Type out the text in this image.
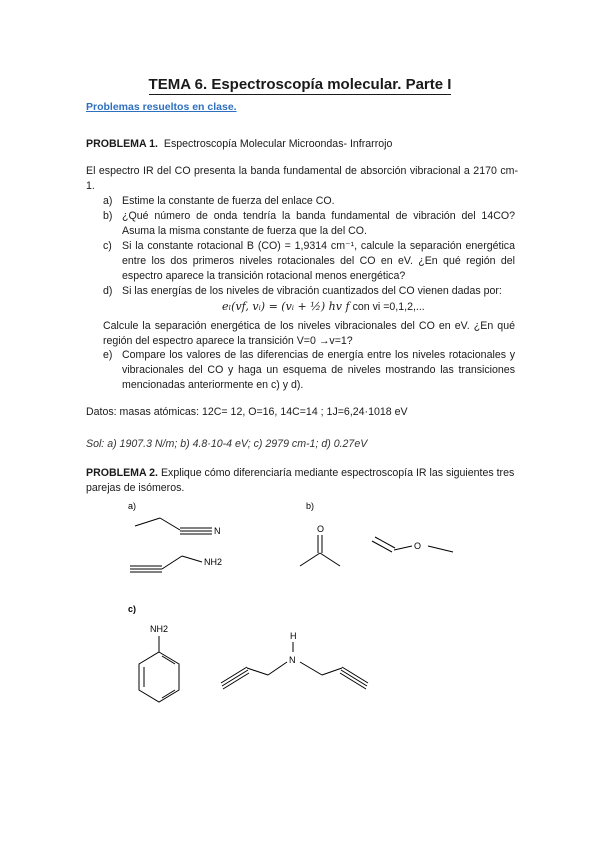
TEMA 6. Espectroscopía molecular. Parte I
Problemas resueltos en clase.
PROBLEMA 1. Espectroscopía Molecular Microondas- Infrarrojo
El espectro IR del CO presenta la banda fundamental de absorción vibracional a 2170 cm-1.
a) Estime la constante de fuerza del enlace CO.
b) ¿Qué número de onda tendría la banda fundamental de vibración del 14CO? Asuma la misma constante de fuerza que la del CO.
c) Si la constante rotacional B (CO) = 1,9314 cm⁻¹, calcule la separación energética entre los dos primeros niveles rotacionales del CO en eV. ¿En qué región del espectro aparece la transición rotacional menos energética?
d) Si las energías de los niveles de vibración cuantizados del CO vienen dadas por:
eₗ(vf, vᵢ) = (vᵢ + ½) hv f con vi =0,1,2,...
Calcule la separación energética de los niveles vibracionales del CO en eV. ¿En qué región del espectro aparece la transición V=0 →v=1?
e) Compare los valores de las diferencias de energía entre los niveles rotacionales y vibracionales del CO y haga un esquema de niveles mostrando las transiciones mencionadas anteriormente en c) y d).
Datos: masas atómicas: 12C= 12, O=16, 14C=14 ; 1J=6,24·1018 eV
Sol: a) 1907.3 N/m; b) 4.8·10-4 eV; c) 2979 cm-1; d) 0.27eV
PROBLEMA 2. Explique cómo diferenciaría mediante espectroscopía IR las siguientes tres parejas de isómeros.
a)	b)
c)
N
NH2
O
O
NH2
H
N
